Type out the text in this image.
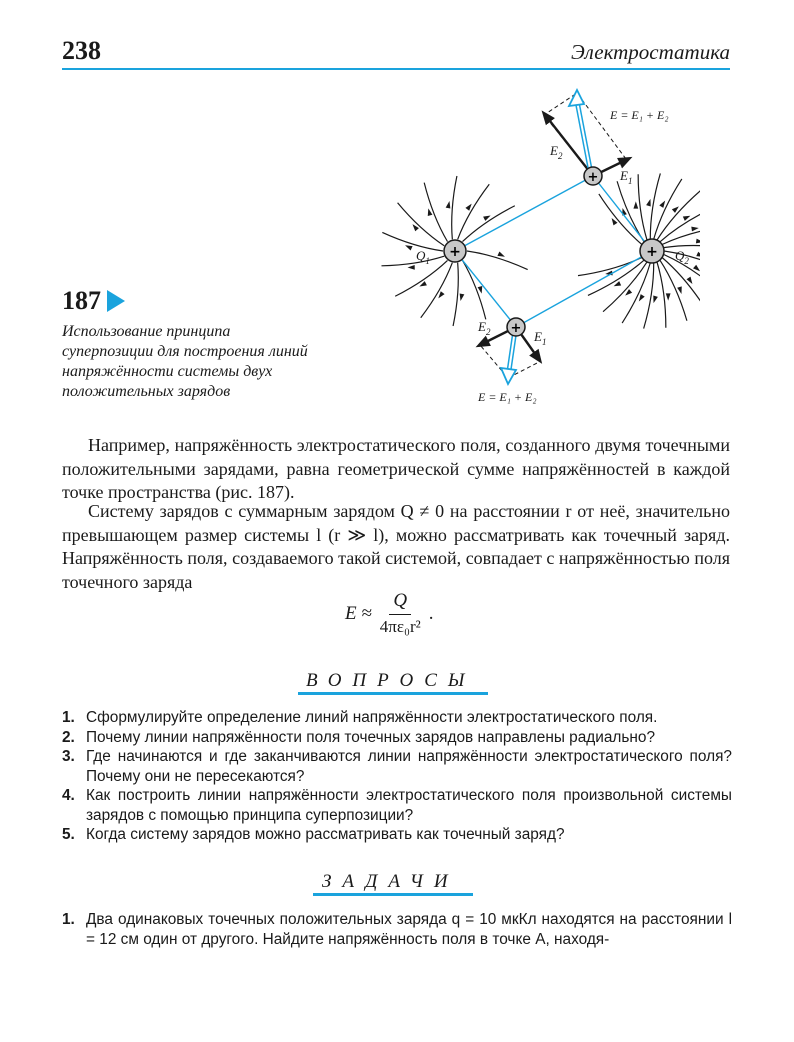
238	Электростатика
+	+
+
+
$Q_1$	$Q_2$
$E_2$
$E_1$
$E_2$	$E_1$
E = E₁ + E₂
E = E₁ + E₂
187
Использование принципа суперпозиции для построения линий напряжённости системы двух положительных зарядов

Например, напряжённость электростатического поля, созданного двумя точечными положительными зарядами, равна геометрической сумме напряжённостей в каждой точке пространства (рис. 187).

Систему зарядов с суммарным зарядом Q ≠ 0 на расстоянии r от неё, значительно превышающем размер системы l (r ≫ l), можно рассматривать как точечный заряд. Напряжённость поля, создаваемого такой системой, совпадает с напряжённостью поля точечного заряда

$E \approx \frac{Q}{\text{4πε₀r²}}$ .
ВОПРОСЫ
1. Сформулируйте определение линий напряжённости электростатического поля.
2. Почему линии напряжённости поля точечных зарядов направлены радиально?
3. Где начинаются и где заканчиваются линии напряжённости электростатического поля? Почему они не пересекаются?
4. Как построить линии напряжённости электростатического поля произвольной системы зарядов с помощью принципа суперпозиции?
5. Когда систему зарядов можно рассматривать как точечный заряд?
ЗАДАЧИ
1. Два одинаковых точечных положительных заряда q = 10 мкКл находятся на расстоянии l = 12 см один от другого. Найдите напряжённость поля в точке A, находя-
